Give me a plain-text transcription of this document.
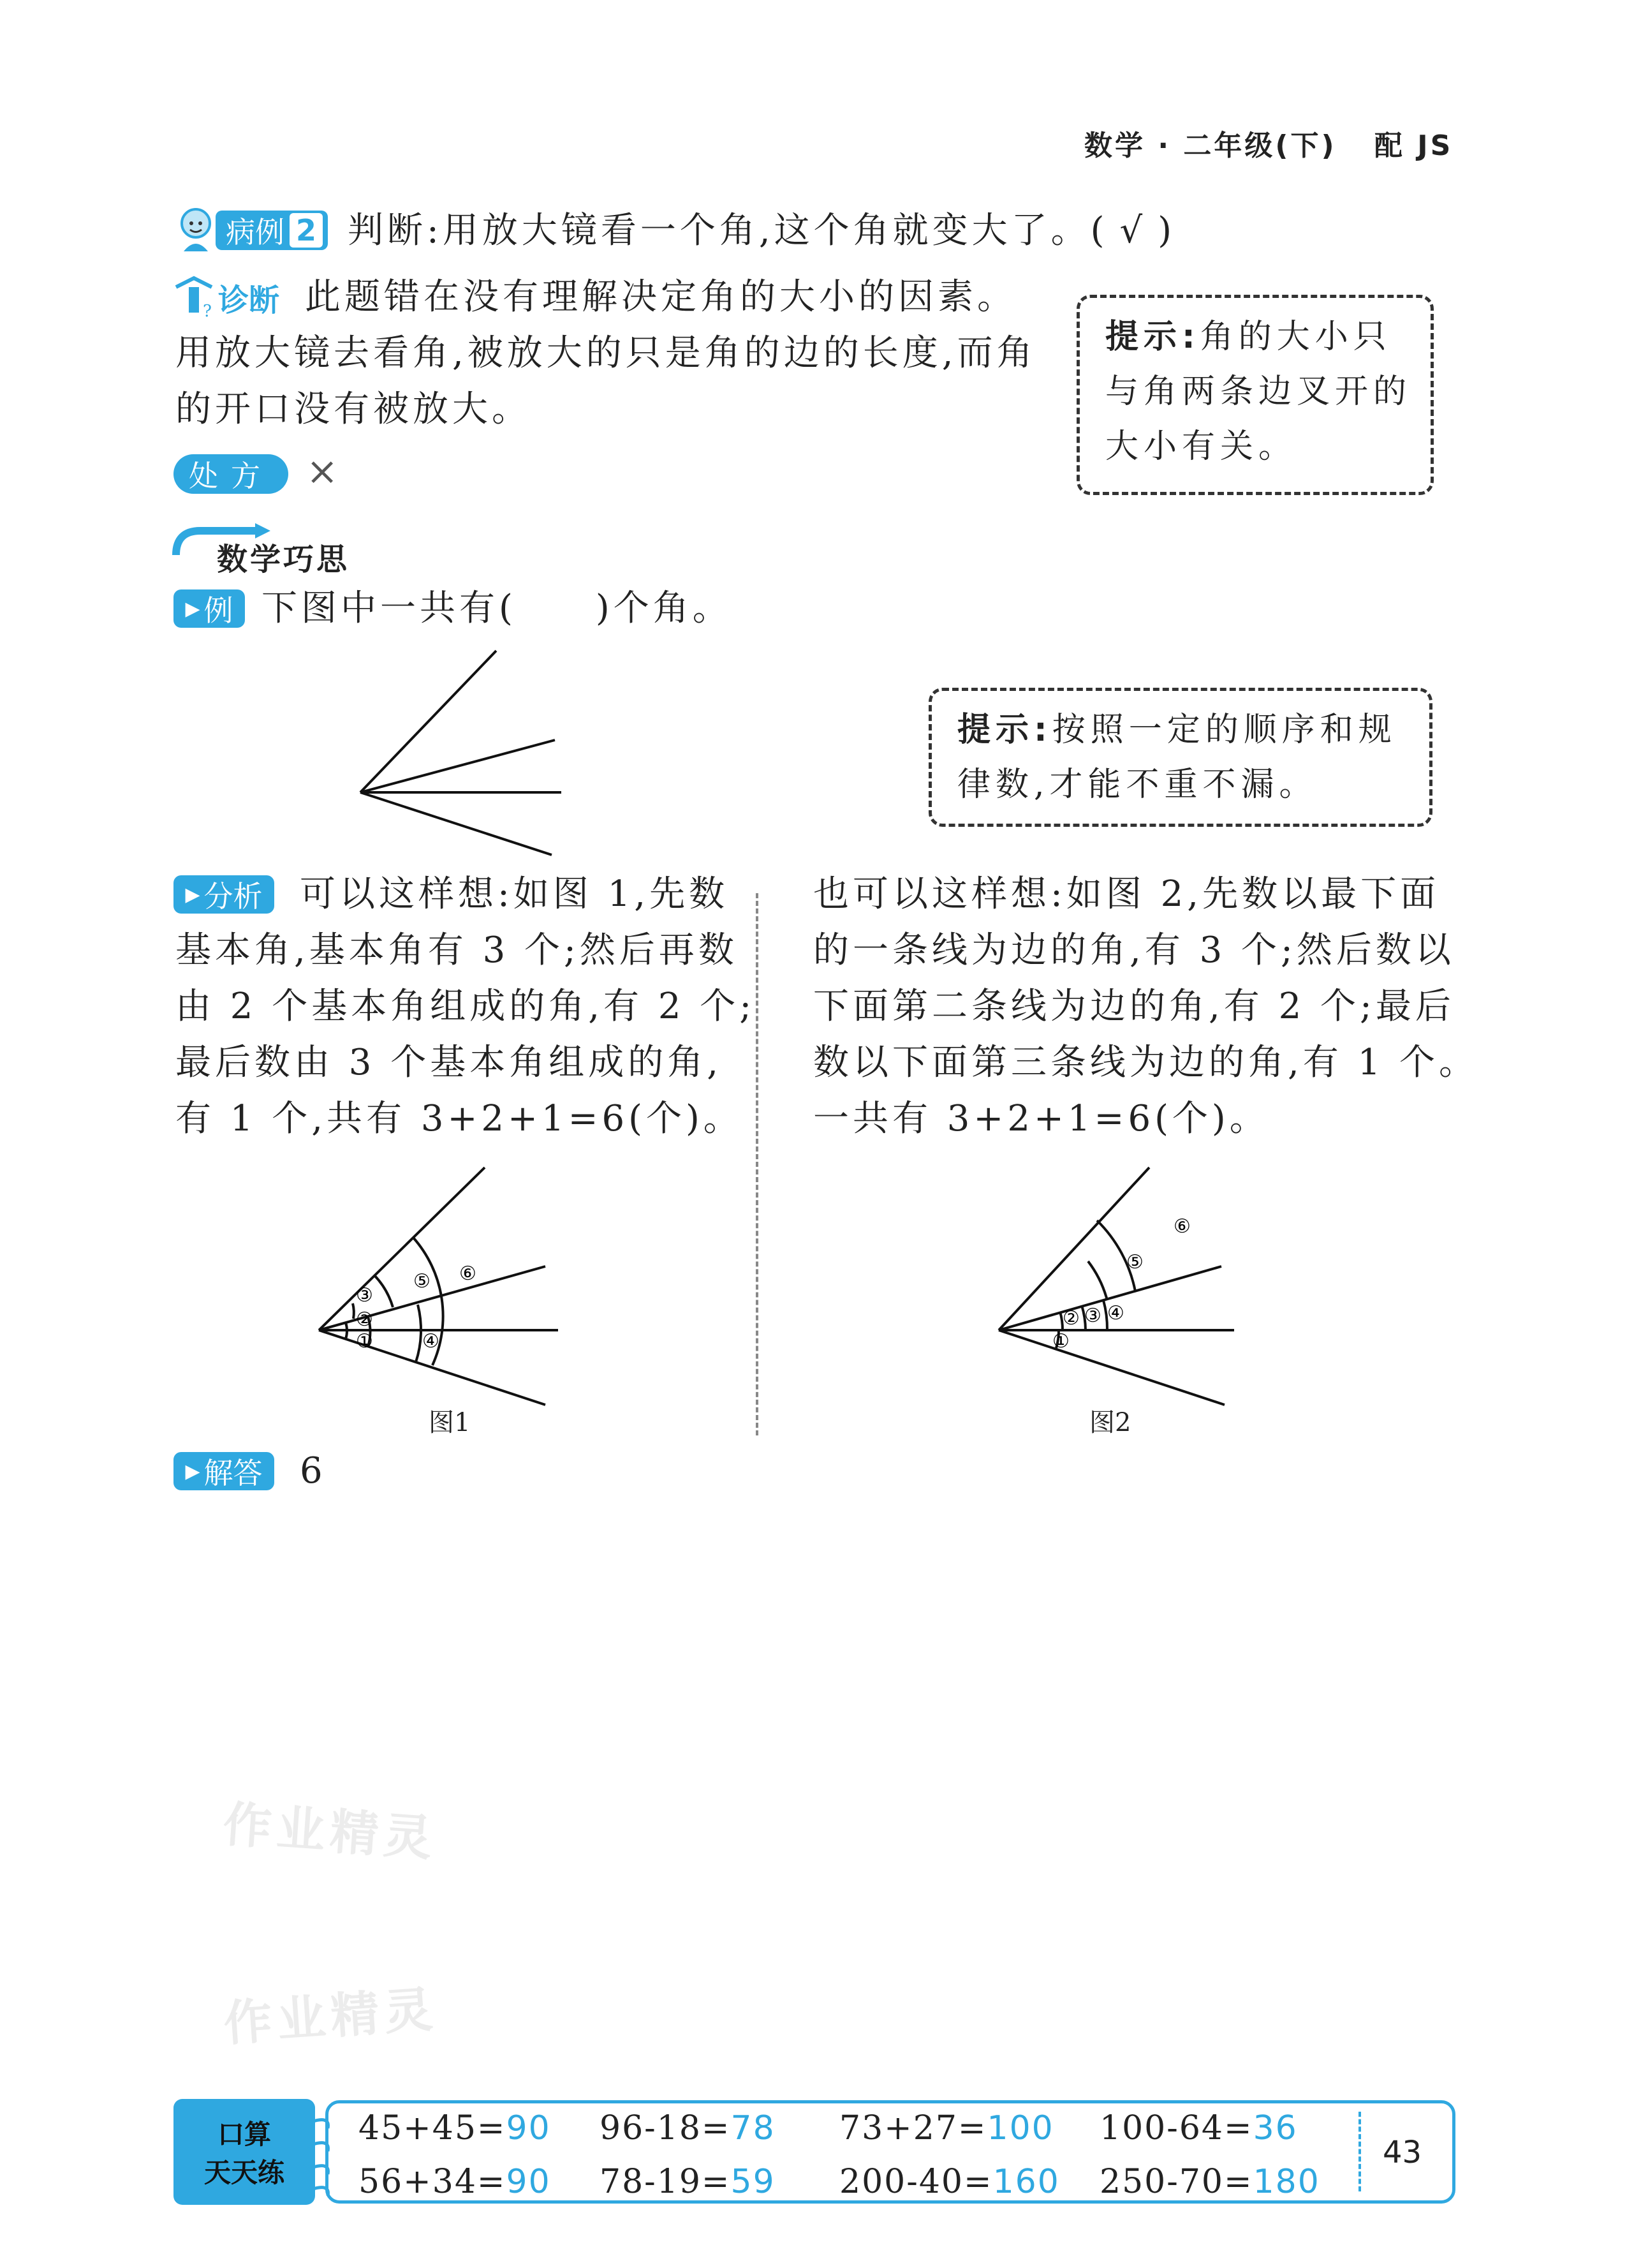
数学 · 二年级(下) 配 JS
病例 2 判断:用放大镜看一个角,这个角就变大了。( √ )
? 诊断 此题错在没有理解决定角的大小的因素。
用放大镜去看角,被放大的只是角的边的长度,而角
的开口没有被放大。
处方 ×
提示:角的大小只
与角两条边叉开的
大小有关。
数学巧思
▶ 例 下图中一共有(　　)个角。
提示:按照一定的顺序和规
律数,才能不重不漏。
▶ 分析 可以这样想:如图 1,先数
基本角,基本角有 3 个;然后再数
由 2 个基本角组成的角,有 2 个;
最后数由 3 个基本角组成的角,
有 1 个,共有 3+2+1=6(个)。
也可以这样想:如图 2,先数以最下面
的一条线为边的角,有 3 个;然后数以
下面第二条线为边的角,有 2 个;最后
数以下面第三条线为边的角,有 1 个。
一共有 3+2+1=6(个)。
①
②
③
④
⑤ ⑥
图1
①
② ③ ④
⑤
⑥
图2
▶ 解答 6
作业精灵
作业精灵
口算
天天练
45+45=90 96-18=78 73+27=100 100-64=36
56+34=90 78-19=59 200-40=160 250-70=180
43
